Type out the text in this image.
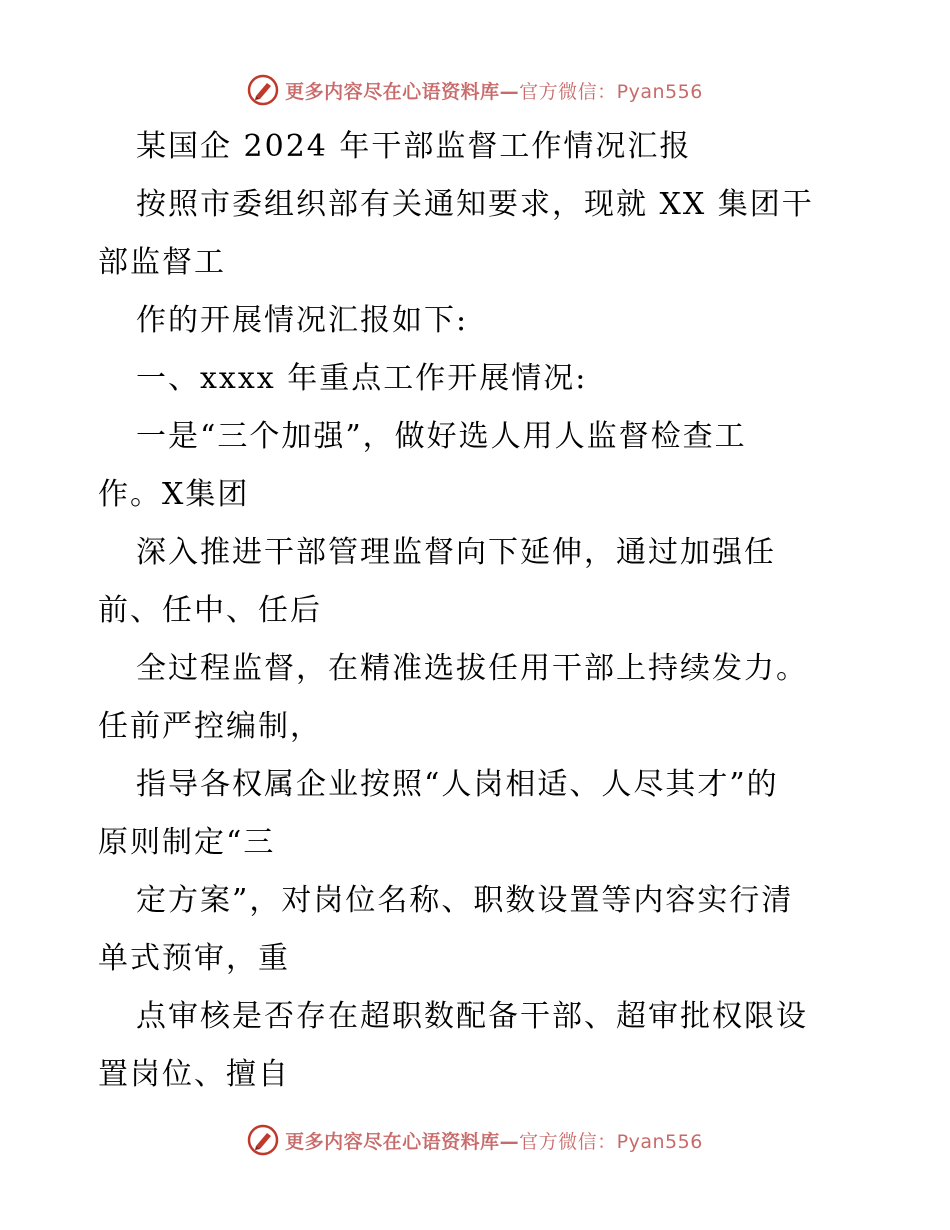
更多内容尽在心语资料库—官方微信：Pyan556
某国企 2024 年干部监督工作情况汇报
按照市委组织部有关通知要求，现就 XX 集团干
部监督工
作的开展情况汇报如下:
一、xxxx 年重点工作开展情况:
一是“三个加强”，做好选人用人监督检查工
作。X集团
深入推进干部管理监督向下延伸，通过加强任
前、任中、任后
全过程监督，在精准选拔任用干部上持续发力。
任前严控编制，
指导各权属企业按照“人岗相适、人尽其才”的
原则制定“三
定方案”，对岗位名称、职数设置等内容实行清
单式预审，重
点审核是否存在超职数配备干部、超审批权限设
置岗位、擅自
更多内容尽在心语资料库—官方微信：Pyan556
